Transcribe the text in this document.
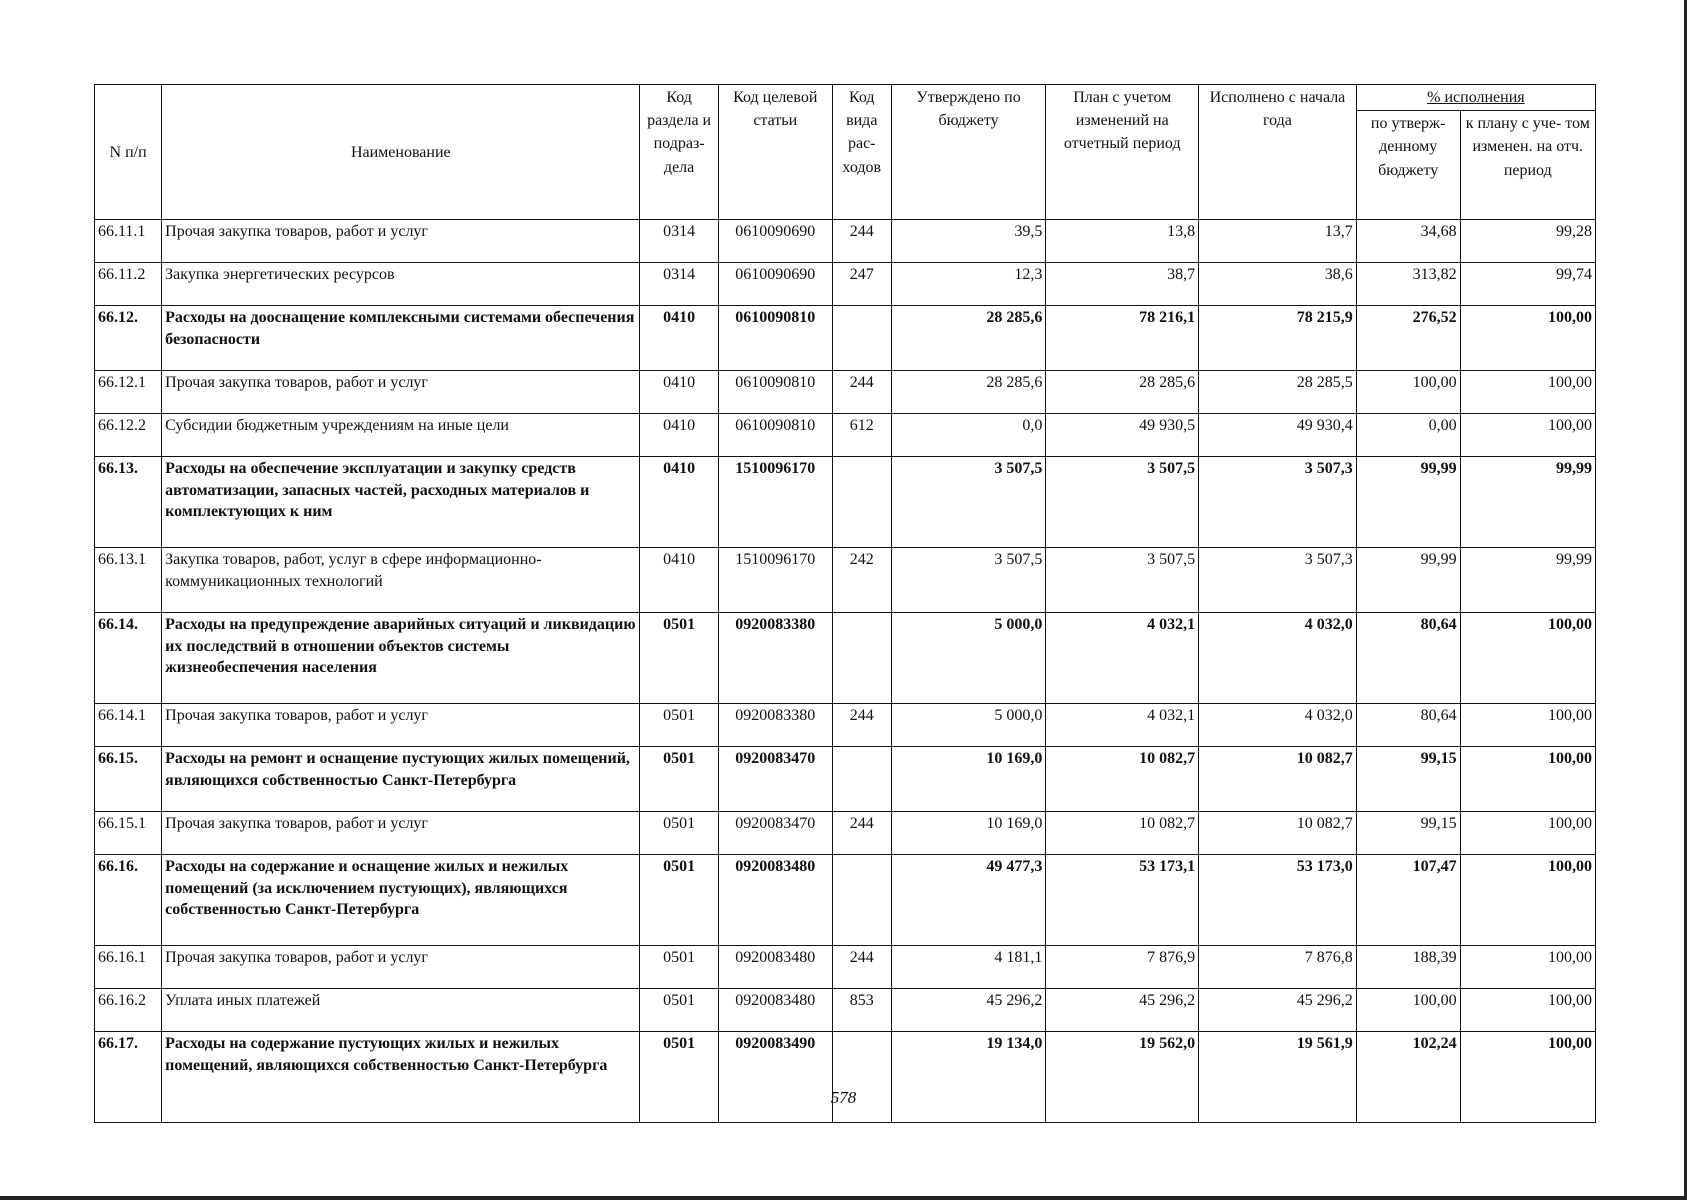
N п/п	Наименование	Код раздела и подраз- дела	Код целевой статьи	Код вида рас- ходов	Утверждено по бюджету	План с учетом изменений на отчетный период	Исполнено с начала года	% исполнения	
								по утверж- денному бюджету	к плану с уче- том изменен. на отч. период
66.11.1	Прочая закупка товаров, работ и услуг	0314	0610090690	244	39,5	13,8	13,7	34,68	99,28
66.11.2	Закупка энергетических ресурсов	0314	0610090690	247	12,3	38,7	38,6	313,82	99,74
66.12.	Расходы на дооснащение комплексными системами обеспечения безопасности	0410	0610090810		28 285,6	78 216,1	78 215,9	276,52	100,00
66.12.1	Прочая закупка товаров, работ и услуг	0410	0610090810	244	28 285,6	28 285,6	28 285,5	100,00	100,00
66.12.2	Субсидии бюджетным учреждениям на иные цели	0410	0610090810	612	0,0	49 930,5	49 930,4	0,00	100,00
66.13.	Расходы на обеспечение эксплуатации и закупку средств автоматизации, запасных частей, расходных материалов и комплектующих к ним	0410	1510096170		3 507,5	3 507,5	3 507,3	99,99	99,99
66.13.1	Закупка товаров, работ, услуг в сфере информационно-коммуникационных технологий	0410	1510096170	242	3 507,5	3 507,5	3 507,3	99,99	99,99
66.14.	Расходы на предупреждение аварийных ситуаций и ликвидацию их последствий в отношении объектов системы жизнеобеспечения населения	0501	0920083380		5 000,0	4 032,1	4 032,0	80,64	100,00
66.14.1	Прочая закупка товаров, работ и услуг	0501	0920083380	244	5 000,0	4 032,1	4 032,0	80,64	100,00
66.15.	Расходы на ремонт и оснащение пустующих жилых помещений, являющихся собственностью Санкт-Петербурга	0501	0920083470		10 169,0	10 082,7	10 082,7	99,15	100,00
66.15.1	Прочая закупка товаров, работ и услуг	0501	0920083470	244	10 169,0	10 082,7	10 082,7	99,15	100,00
66.16.	Расходы на содержание и оснащение жилых и нежилых помещений (за исключением пустующих), являющихся собственностью Санкт-Петербурга	0501	0920083480		49 477,3	53 173,1	53 173,0	107,47	100,00
66.16.1	Прочая закупка товаров, работ и услуг	0501	0920083480	244	4 181,1	7 876,9	7 876,8	188,39	100,00
66.16.2	Уплата иных платежей	0501	0920083480	853	45 296,2	45 296,2	45 296,2	100,00	100,00
66.17.	Расходы на содержание пустующих жилых и нежилых помещений, являющихся собственностью Санкт-Петербурга	0501	0920083490		19 134,0	19 562,0	19 561,9	102,24	100,00
578
